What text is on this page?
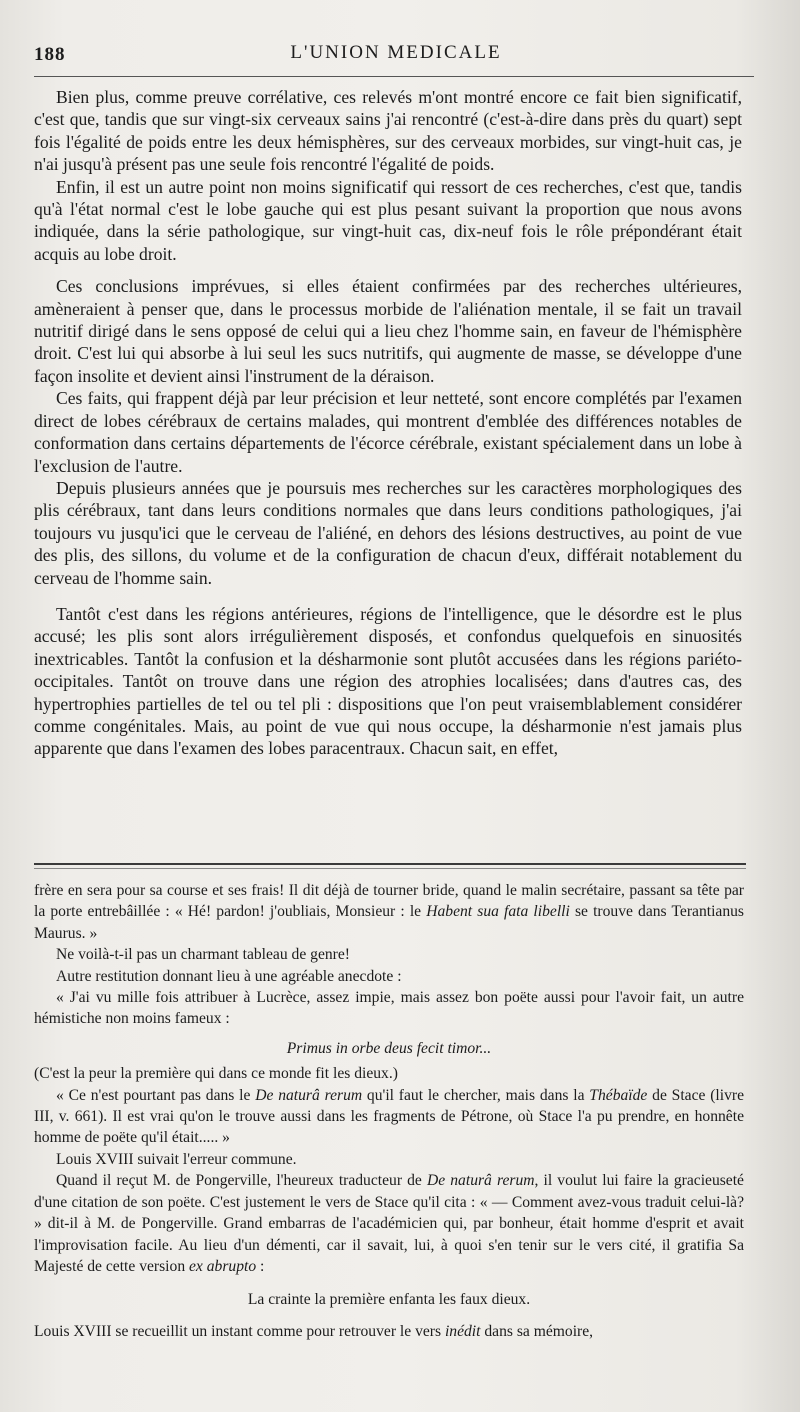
188	L'UNION MEDICALE

Bien plus, comme preuve corrélative, ces relevés m'ont montré encore ce fait bien significatif, c'est que, tandis que sur vingt-six cerveaux sains j'ai rencontré (c'est-à-dire dans près du quart) sept fois l'égalité de poids entre les deux hémisphères, sur des cerveaux morbides, sur vingt-huit cas, je n'ai jusqu'à présent pas une seule fois rencontré l'égalité de poids.

Enfin, il est un autre point non moins significatif qui ressort de ces recherches, c'est que, tandis qu'à l'état normal c'est le lobe gauche qui est plus pesant suivant la proportion que nous avons indiquée, dans la série pathologique, sur vingt-huit cas, dix-neuf fois le rôle prépondérant était acquis au lobe droit.

Ces conclusions imprévues, si elles étaient confirmées par des recherches ultérieures, amèneraient à penser que, dans le processus morbide de l'aliénation mentale, il se fait un travail nutritif dirigé dans le sens opposé de celui qui a lieu chez l'homme sain, en faveur de l'hémisphère droit. C'est lui qui absorbe à lui seul les sucs nutritifs, qui augmente de masse, se développe d'une façon insolite et devient ainsi l'instrument de la déraison.

Ces faits, qui frappent déjà par leur précision et leur netteté, sont encore complétés par l'examen direct de lobes cérébraux de certains malades, qui montrent d'emblée des différences notables de conformation dans certains départements de l'écorce cérébrale, existant spécialement dans un lobe à l'exclusion de l'autre.

Depuis plusieurs années que je poursuis mes recherches sur les caractères morphologiques des plis cérébraux, tant dans leurs conditions normales que dans leurs conditions pathologiques, j'ai toujours vu jusqu'ici que le cerveau de l'aliéné, en dehors des lésions destructives, au point de vue des plis, des sillons, du volume et de la configuration de chacun d'eux, différait notablement du cerveau de l'homme sain.

Tantôt c'est dans les régions antérieures, régions de l'intelligence, que le désordre est le plus accusé; les plis sont alors irrégulièrement disposés, et confondus quelquefois en sinuosités inextricables. Tantôt la confusion et la désharmonie sont plutôt accusées dans les régions pariéto-occipitales. Tantôt on trouve dans une région des atrophies localisées; dans d'autres cas, des hypertrophies partielles de tel ou tel pli : dispositions que l'on peut vraisemblablement considérer comme congénitales. Mais, au point de vue qui nous occupe, la désharmonie n'est jamais plus apparente que dans l'examen des lobes paracentraux. Chacun sait, en effet,

frère en sera pour sa course et ses frais! Il dit déjà de tourner bride, quand le malin secrétaire, passant sa tête par la porte entrebâillée : « Hé! pardon! j'oubliais, Monsieur : le Habent sua fata libelli se trouve dans Terantianus Maurus. »

Ne voilà-t-il pas un charmant tableau de genre!

Autre restitution donnant lieu à une agréable anecdote :

« J'ai vu mille fois attribuer à Lucrèce, assez impie, mais assez bon poëte aussi pour l'avoir fait, un autre hémistiche non moins fameux :

Primus in orbe deus fecit timor...

(C'est la peur la première qui dans ce monde fit les dieux.)

« Ce n'est pourtant pas dans le De naturâ rerum qu'il faut le chercher, mais dans la Thébaïde de Stace (livre III, v. 661). Il est vrai qu'on le trouve aussi dans les fragments de Pétrone, où Stace l'a pu prendre, en honnête homme de poëte qu'il était..... »

Louis XVIII suivait l'erreur commune.

Quand il reçut M. de Pongerville, l'heureux traducteur de De naturâ rerum, il voulut lui faire la gracieuseté d'une citation de son poëte. C'est justement le vers de Stace qu'il cita : « — Comment avez-vous traduit celui-là? » dit-il à M. de Pongerville. Grand embarras de l'académicien qui, par bonheur, était homme d'esprit et avait l'improvisation facile. Au lieu d'un démenti, car il savait, lui, à quoi s'en tenir sur le vers cité, il gratifia Sa Majesté de cette version ex abrupto :

La crainte la première enfanta les faux dieux.

Louis XVIII se recueillit un instant comme pour retrouver le vers inédit dans sa mémoire,
